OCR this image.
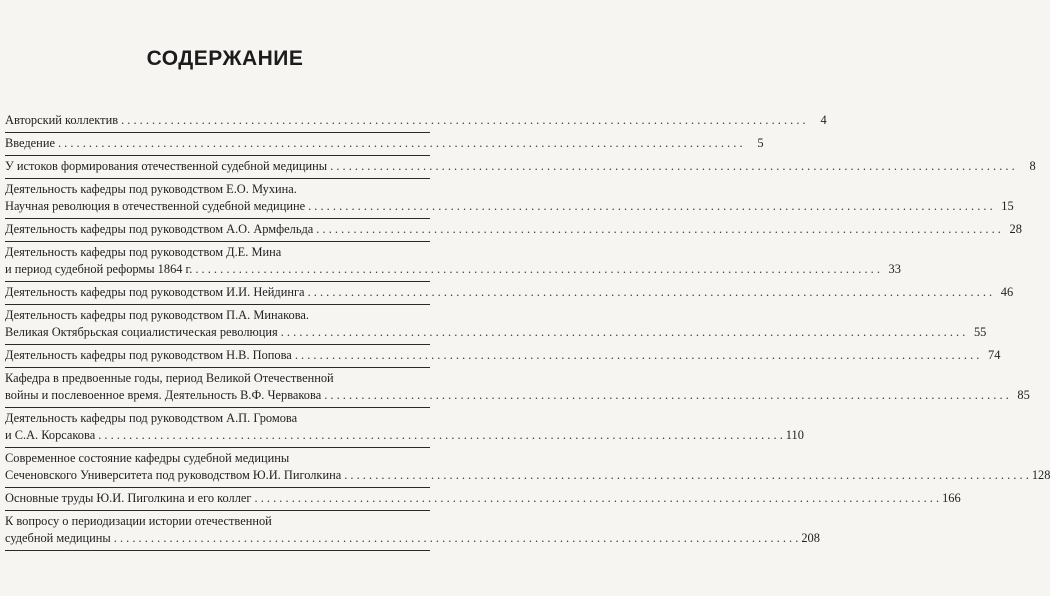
СОДЕРЖАНИЕ
Авторский коллектив . . .	4
Введение . . .	5
У истоков формирования отечественной судебной медицины . . .	8
Деятельность кафедры под руководством Е.О. Мухина.
Научная революция в отечественной судебной медицине . . .	15
Деятельность кафедры под руководством А.О. Армфельда . . .	28
Деятельность кафедры под руководством Д.Е. Мина
и период судебной реформы 1864 г. . . .	33
Деятельность кафедры под руководством И.И. Нейдинга . . .	46
Деятельность кафедры под руководством П.А. Минакова.
Великая Октябрьская социалистическая революция . . .	55
Деятельность кафедры под руководством Н.В. Попова . . .	74
Кафедра в предвоенные годы, период Великой Отечественной
войны и послевоенное время. Деятельность В.Ф. Червакова . . .	85
Деятельность кафедры под руководством А.П. Громова
и С.А. Корсакова . . .	110
Современное состояние кафедры судебной медицины
Сеченовского Университета под руководством Ю.И. Пиголкина . . .	128
Основные труды Ю.И. Пиголкина и его коллег . . .	166
К вопросу о периодизации истории отечественной
судебной медицины . . .	208
